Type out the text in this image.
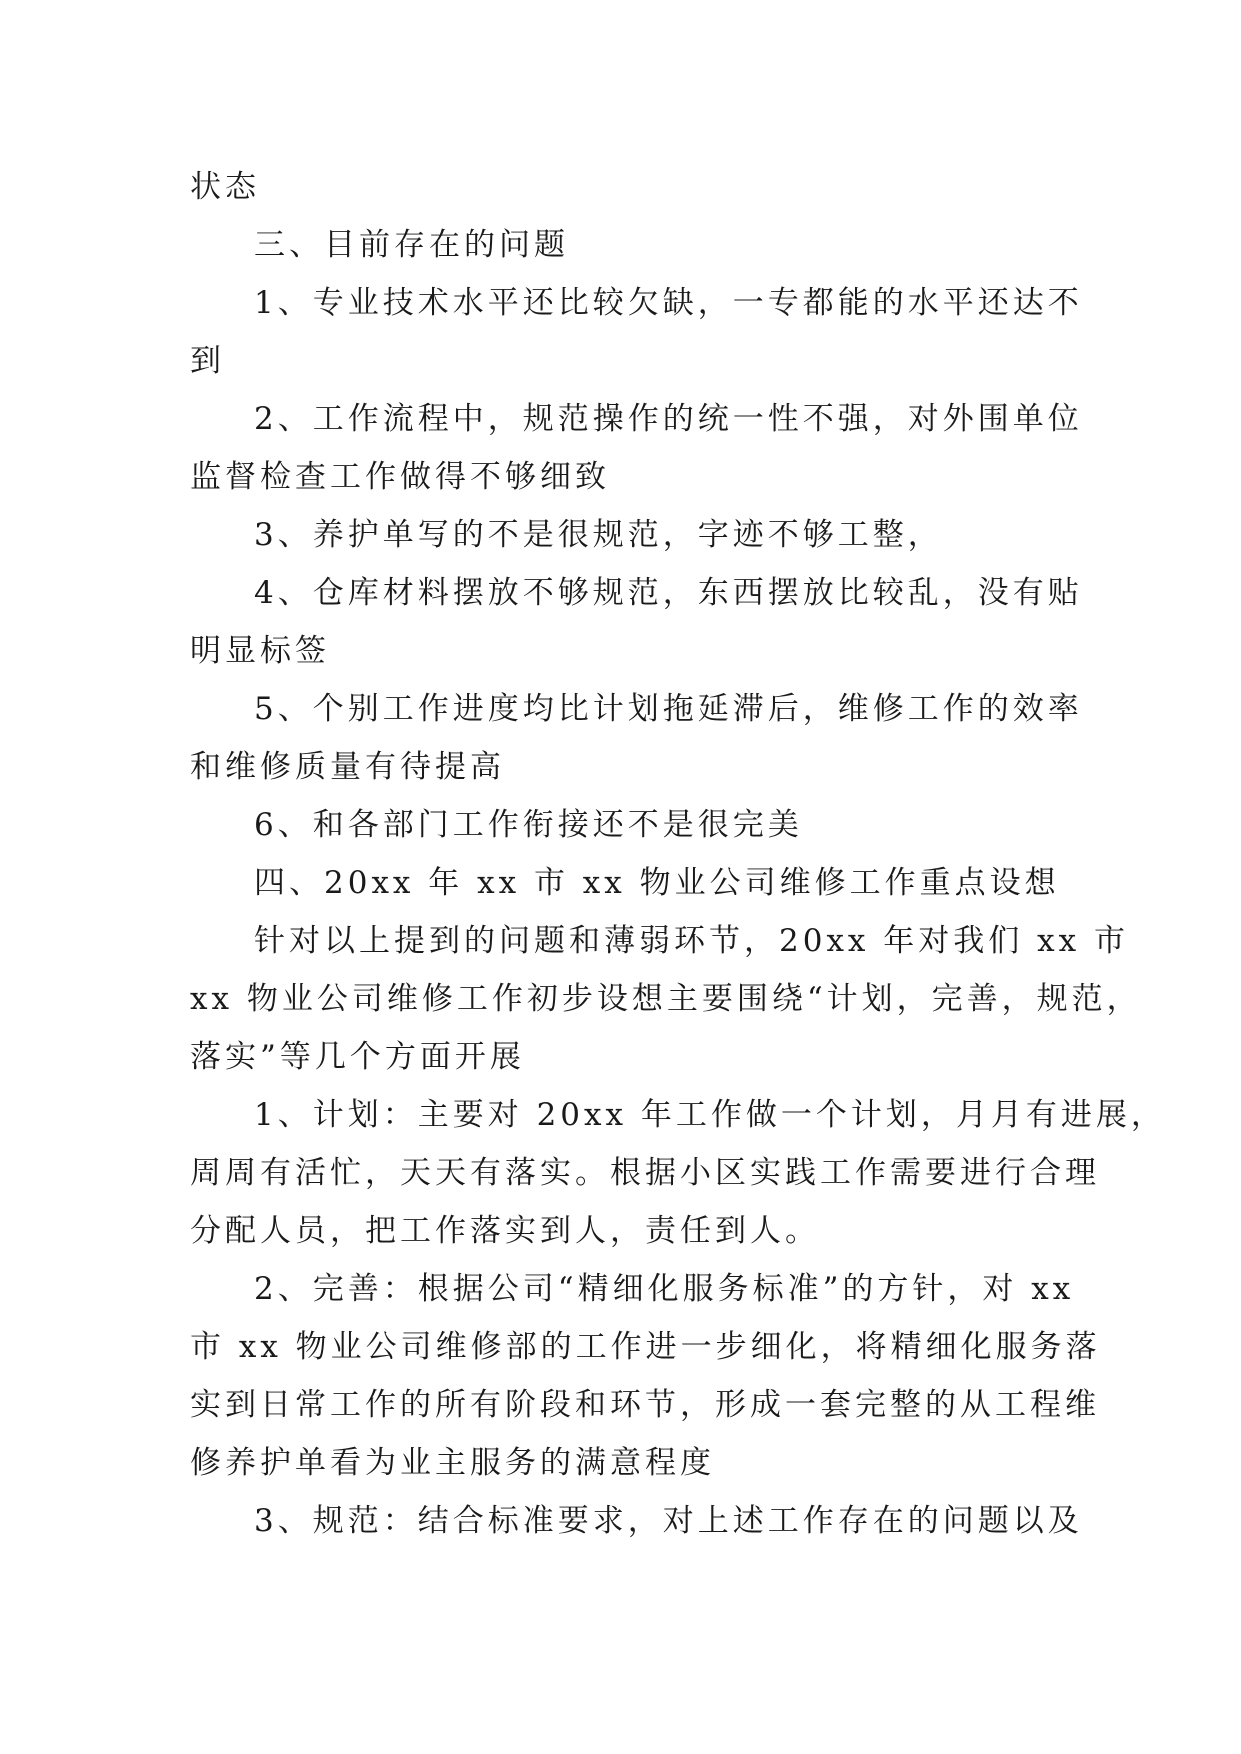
状态
三、目前存在的问题
1、专业技术水平还比较欠缺，一专都能的水平还达不
到
2、工作流程中，规范操作的统一性不强，对外围单位
监督检查工作做得不够细致
3、养护单写的不是很规范，字迹不够工整，
4、仓库材料摆放不够规范，东西摆放比较乱，没有贴
明显标签
5、个别工作进度均比计划拖延滞后，维修工作的效率
和维修质量有待提高
6、和各部门工作衔接还不是很完美
四、20xx 年 xx 市 xx 物业公司维修工作重点设想
针对以上提到的问题和薄弱环节，20xx 年对我们 xx 市
xx 物业公司维修工作初步设想主要围绕“计划，完善，规范，
落实”等几个方面开展
1、计划：主要对 20xx 年工作做一个计划，月月有进展，
周周有活忙，天天有落实。根据小区实践工作需要进行合理
分配人员，把工作落实到人，责任到人。
2、完善：根据公司“精细化服务标准”的方针，对 xx
市 xx 物业公司维修部的工作进一步细化，将精细化服务落
实到日常工作的所有阶段和环节，形成一套完整的从工程维
修养护单看为业主服务的满意程度
3、规范：结合标准要求，对上述工作存在的问题以及
